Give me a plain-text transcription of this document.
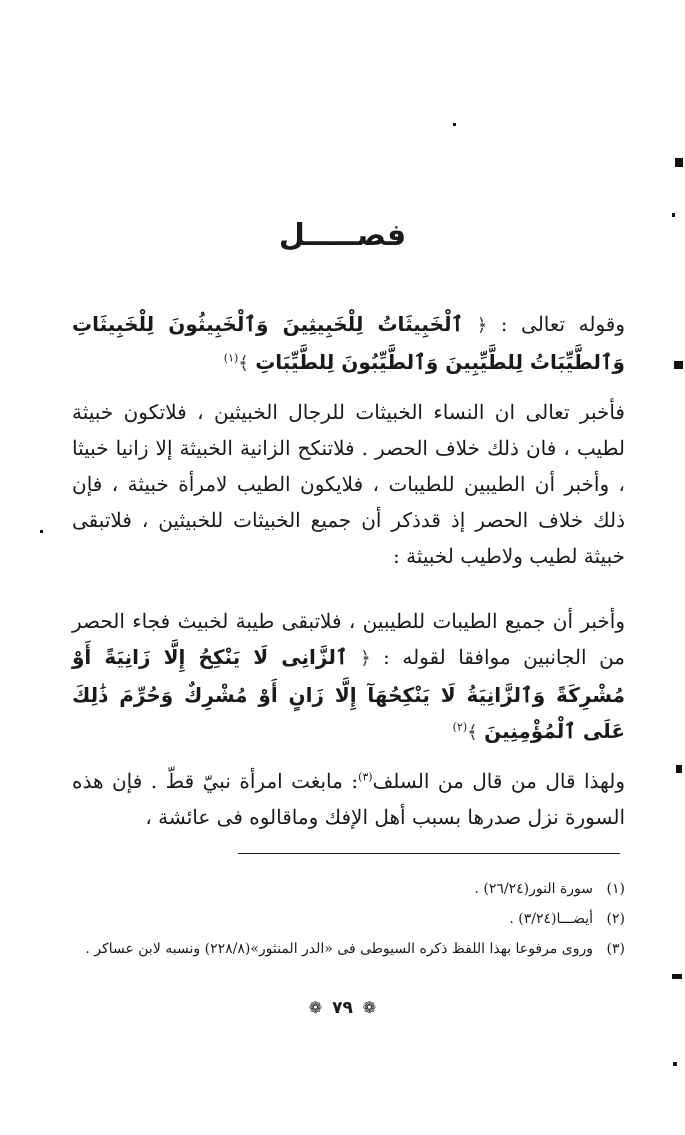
فصـــــل
وقوله تعالى : ﴿ ٱلْخَبِيثَاتُ لِلْخَبِيثِينَ وَٱلْخَبِيثُونَ لِلْخَبِيثَاتِ وَٱلطَّيِّبَاتُ لِلطَّيِّبِينَ وَٱلطَّيِّبُونَ لِلطَّيِّبَاتِ ﴾$^{(١)}$
فأخبر تعالى ان النساء الخبيثات للرجال الخبيثين ، فلاتكون خبيثة لطيب ، فان ذلك خلاف الحصر . فلاتنكح الزانية الخبيثة إلا زانيا خبيثا ، وأخبر أن الطيبين للطيبات ، فلايكون الطيب لامرأة خبيثة ، فإن ذلك خلاف الحصر إذ قدذكر أن جميع الخبيثات للخبيثين ، فلاتبقى خبيثة لطيب ولاطيب لخبيثة :
وأخبر أن جميع الطيبات للطيبين ، فلاتبقى طيبة لخبيث فجاء الحصر من الجانبين موافقا لقوله : ﴿ ٱلزَّانِى لَا يَنْكِحُ إِلَّا زَانِيَةً أَوْ مُشْرِكَةً وَٱلزَّانِيَةُ لَا يَنْكِحُهَآ إِلَّا زَانٍ أَوْ مُشْرِكٌ وَحُرِّمَ ذَٰلِكَ عَلَى ٱلْمُؤْمِنِينَ ﴾$^{(٢)}$
ولهذا قال من قال من السلف$^{(٣)}$: مابغت امرأة نبيّ قطّ . فإن هذه السورة نزل صدرها بسبب أهل الإفك وماقالوه فى عائشة ،
(١)
سورة النور(٢٦/٢٤) .
(٢)
أيضـــا(٣/٢٤) .
(٣)
وروى مرفوعا بهذا اللفظ ذكره السيوطى فى «الدر المنثور»(٢٢٨/٨) ونسبه لابن عساكر .
❁ ٧٩ ❁
